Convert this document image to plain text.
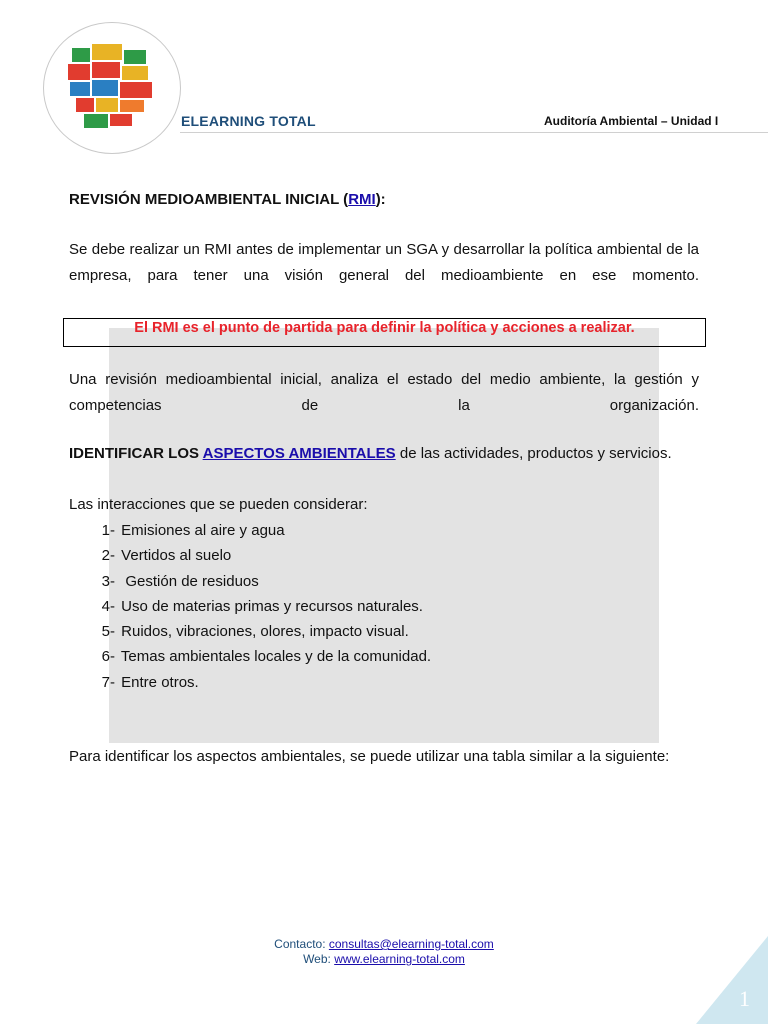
ELEARNING TOTAL	Auditoría Ambiental – Unidad I
REVISIÓN MEDIOAMBIENTAL INICIAL (RMI):
Se debe realizar un RMI antes de implementar un SGA y desarrollar la política ambiental de la empresa, para tener una visión general del medioambiente en ese momento.
El RMI es el punto de partida para definir la política y acciones a realizar.
Una revisión medioambiental inicial, analiza el estado del medio ambiente, la gestión y competencias de la organización.
IDENTIFICAR LOS ASPECTOS AMBIENTALES de las actividades, productos y servicios.
Las interacciones que se pueden considerar:
1- Emisiones al aire y agua
2- Vertidos al suelo
3-  Gestión de residuos
4- Uso de materias primas y recursos naturales.
5- Ruidos, vibraciones, olores, impacto visual.
6- Temas ambientales locales y de la comunidad.
7- Entre otros.
Para identificar los aspectos ambientales, se puede utilizar una tabla similar a la siguiente:
Contacto: consultas@elearning-total.com
Web: www.elearning-total.com
1
